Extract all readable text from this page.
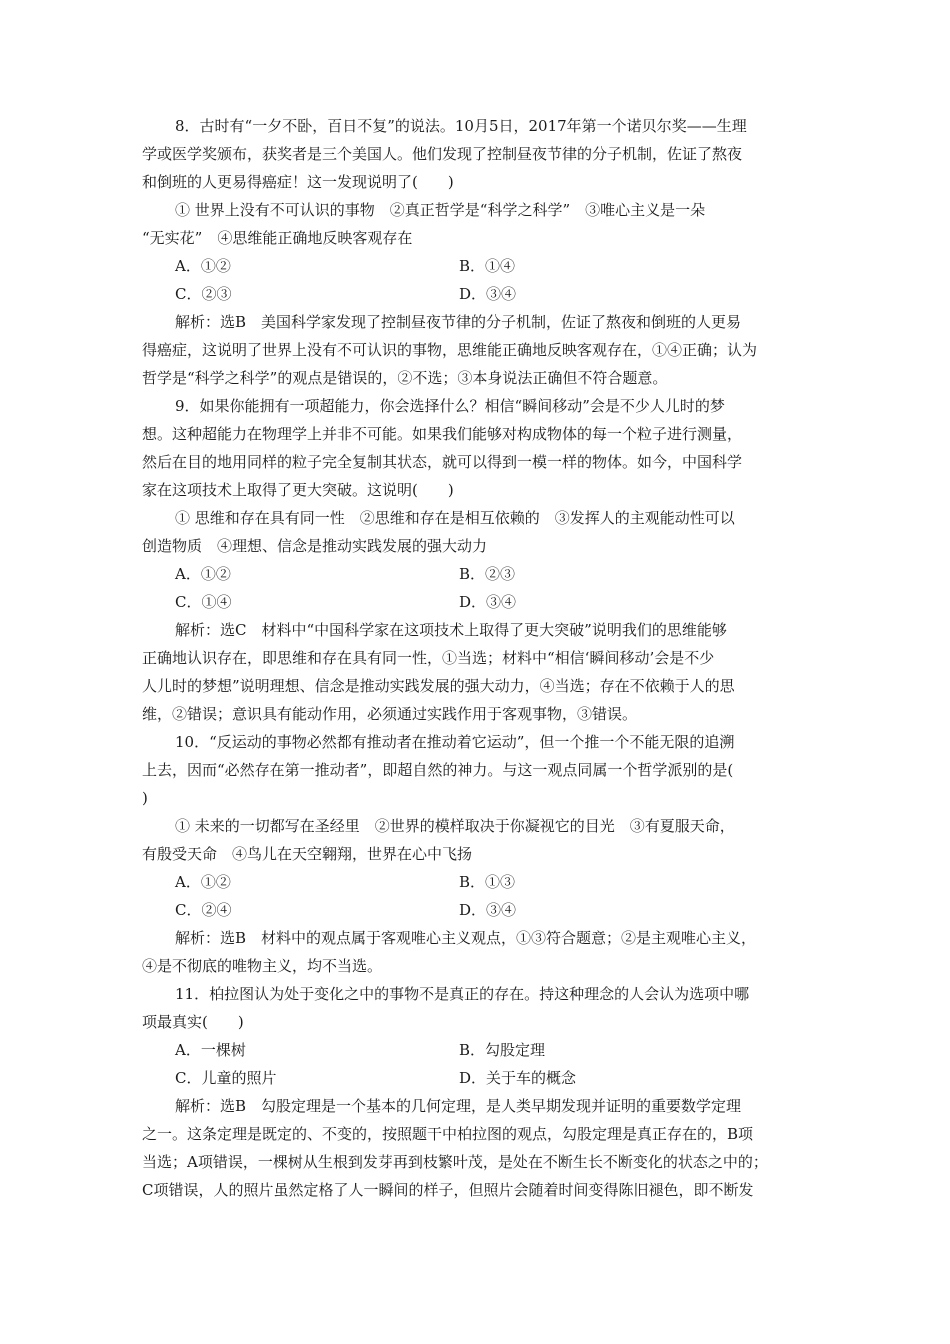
8．古时有“一夕不卧，百日不复”的说法。10月5日，2017年第一个诺贝尔奖——生理
学或医学奖颁布，获奖者是三个美国人。他们发现了控制昼夜节律的分子机制，佐证了熬夜
和倒班的人更易得癌症！这一发现说明了(　　)
① 世界上没有不可认识的事物　②真正哲学是“科学之科学”　③唯心主义是一朵
“无实花”　④思维能正确地反映客观存在
A．①②	B．①④
C．②③	D．③④
解析：选B　美国科学家发现了控制昼夜节律的分子机制，佐证了熬夜和倒班的人更易
得癌症，这说明了世界上没有不可认识的事物，思维能正确地反映客观存在，①④正确；认为
哲学是“科学之科学”的观点是错误的，②不选；③本身说法正确但不符合题意。
9．如果你能拥有一项超能力，你会选择什么？相信“瞬间移动”会是不少人儿时的梦
想。这种超能力在物理学上并非不可能。如果我们能够对构成物体的每一个粒子进行测量，
然后在目的地用同样的粒子完全复制其状态，就可以得到一模一样的物体。如今，中国科学
家在这项技术上取得了更大突破。这说明(　　)
① 思维和存在具有同一性　②思维和存在是相互依赖的　③发挥人的主观能动性可以
创造物质　④理想、信念是推动实践发展的强大动力
A．①②	B．②③
C．①④	D．③④
解析：选C　材料中“中国科学家在这项技术上取得了更大突破”说明我们的思维能够
正确地认识存在，即思维和存在具有同一性，①当选；材料中“相信‘瞬间移动’会是不少
人儿时的梦想”说明理想、信念是推动实践发展的强大动力，④当选；存在不依赖于人的思
维，②错误；意识具有能动作用，必须通过实践作用于客观事物，③错误。
10．“反运动的事物必然都有推动者在推动着它运动”，但一个推一个不能无限的追溯
上去，因而“必然存在第一推动者”，即超自然的神力。与这一观点同属一个哲学派别的是(
)
① 未来的一切都写在圣经里　②世界的模样取决于你凝视它的目光　③有夏服天命，
有殷受天命　④鸟儿在天空翱翔，世界在心中飞扬
A．①②	B．①③
C．②④	D．③④
解析：选B　材料中的观点属于客观唯心主义观点，①③符合题意；②是主观唯心主义，
④是不彻底的唯物主义，均不当选。
11．柏拉图认为处于变化之中的事物不是真正的存在。持这种理念的人会认为选项中哪
项最真实(　　)
A．一棵树	B．勾股定理
C．儿童的照片	D．关于车的概念
解析：选B　勾股定理是一个基本的几何定理，是人类早期发现并证明的重要数学定理
之一。这条定理是既定的、不变的，按照题干中柏拉图的观点，勾股定理是真正存在的，B项
当选；A项错误，一棵树从生根到发芽再到枝繁叶茂，是处在不断生长不断变化的状态之中的；
C项错误，人的照片虽然定格了人一瞬间的样子，但照片会随着时间变得陈旧褪色，即不断发
